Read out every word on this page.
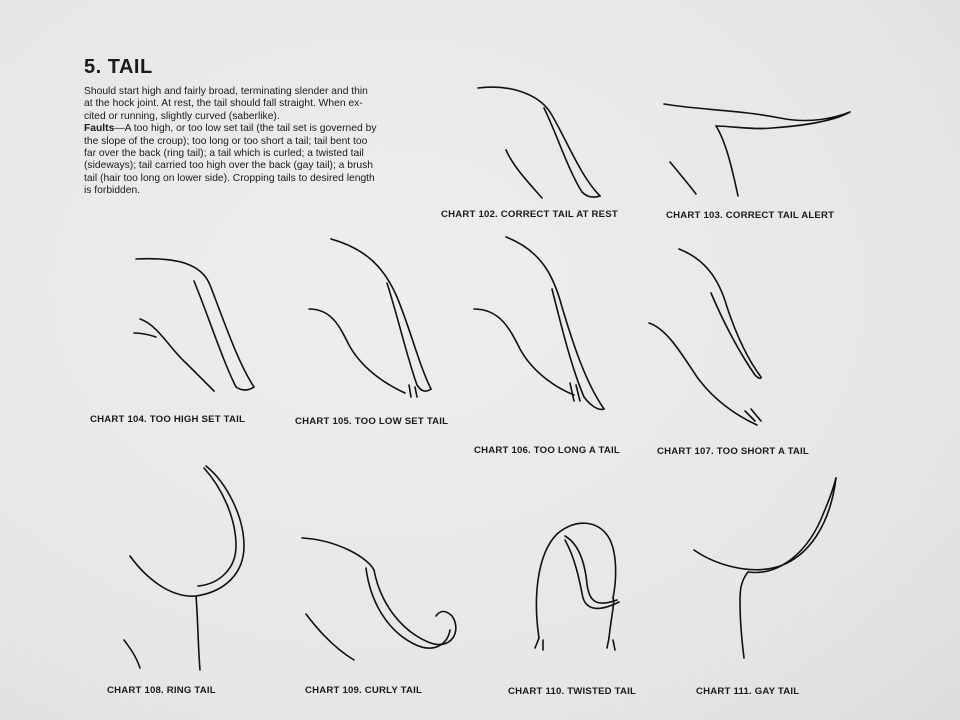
5. TAIL

Should start high and fairly broad, terminating slender and thin

at the hock joint. At rest, the tail should fall straight. When ex-

cited or running, slightly curved (saberlike).

Faults—A too high, or too low set tail (the tail set is governed by

the slope of the croup); too long or too short a tail; tail bent too

far over the back (ring tail); a tail which is curled; a twisted tail

(sideways); tail carried too high over the back (gay tail); a brush

tail (hair too long on lower side). Cropping tails to desired length

is forbidden.

CHART 102. CORRECT TAIL AT REST	CHART 103. CORRECT TAIL ALERT
CHART 104. TOO HIGH SET TAIL	CHART 105. TOO LOW SET TAIL
CHART 106. TOO LONG A TAIL	CHART 107. TOO SHORT A TAIL
CHART 108. RING TAIL	CHART 109. CURLY TAIL	CHART 110. TWISTED TAIL	CHART 111. GAY TAIL
